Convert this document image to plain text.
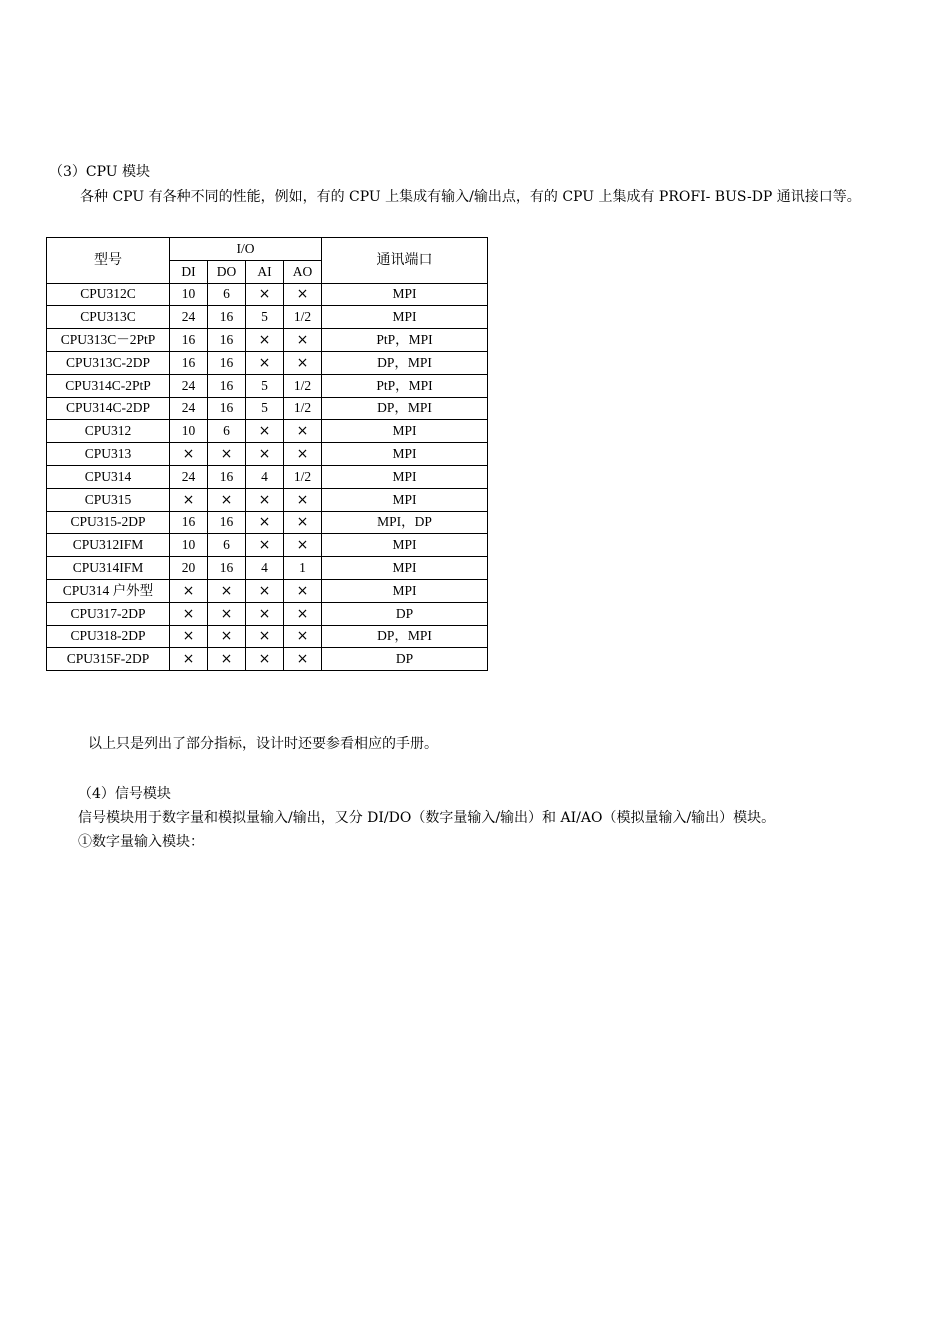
（3）CPU 模块
各种 CPU 有各种不同的性能，例如，有的 CPU 上集成有输入/输出点，有的 CPU 上集成有 PROFI- BUS-DP 通讯接口等。
型号	I/O				通讯端口
	DI	DO	AI	AO	
CPU312C	10	6	×	×	MPI
CPU313C	24	16	5	1/2	MPI
CPU313C－2PtP	16	16	×	×	PtP，MPI
CPU313C-2DP	16	16	×	×	DP，MPI
CPU314C-2PtP	24	16	5	1/2	PtP，MPI
CPU314C-2DP	24	16	5	1/2	DP，MPI
CPU312	10	6	×	×	MPI
CPU313	×	×	×	×	MPI
CPU314	24	16	4	1/2	MPI
CPU315	×	×	×	×	MPI
CPU315-2DP	16	16	×	×	MPI，DP
CPU312IFM	10	6	×	×	MPI
CPU314IFM	20	16	4	1	MPI
CPU314 户外型	×	×	×	×	MPI
CPU317-2DP	×	×	×	×	DP
CPU318-2DP	×	×	×	×	DP，MPI
CPU315F-2DP	×	×	×	×	DP
以上只是列出了部分指标，设计时还要参看相应的手册。
（4）信号模块
信号模块用于数字量和模拟量输入/输出，又分 DI/DO（数字量输入/输出）和 AI/AO（模拟量输入/输出）模块。
①数字量输入模块：
